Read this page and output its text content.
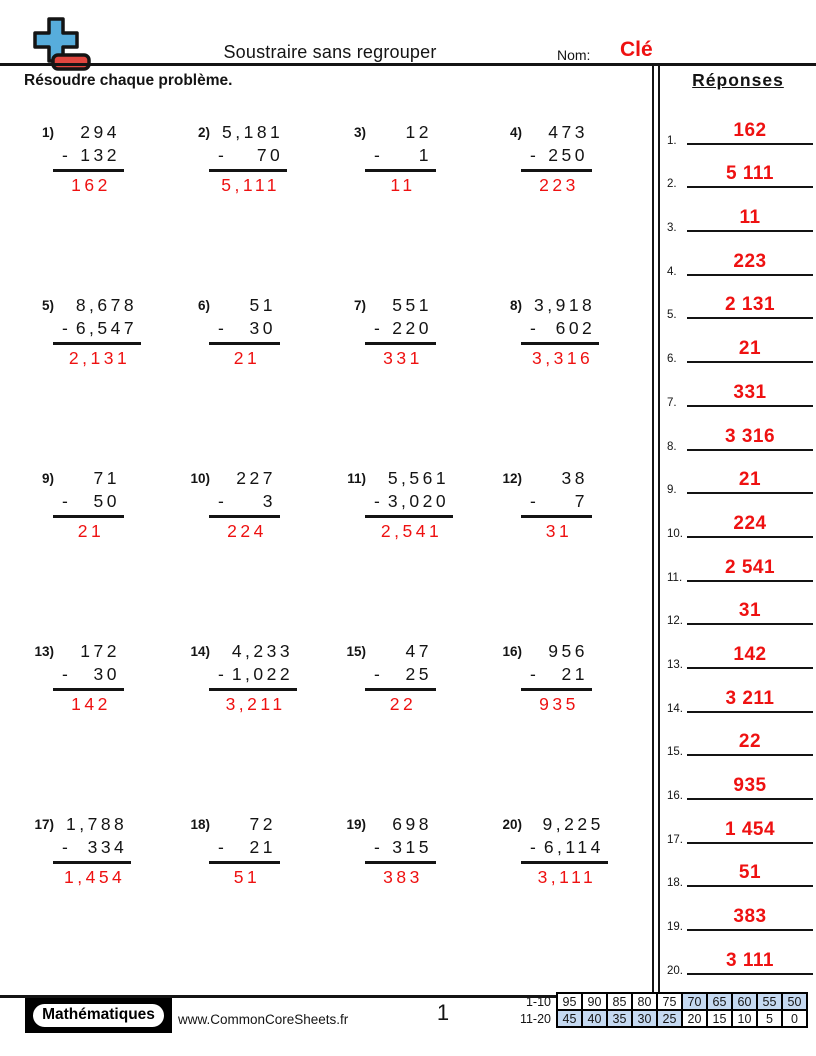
Soustraire sans regrouper	Nom: Clé
Résoudre chaque problème.
1)	294
- 132
162
2) 5,181
- 70
5,111
3)	12
- 1
11
4)	473
- 250
223
5)	8,678
- 6,547
2,131
6)	51
- 30
21
7)	551
- 220
331
8) 3,918
- 602
3,316
9)	71
- 50
21
10)	227
- 3
224
11)	5,561
- 3,020
2,541
12)	38
- 7
31
13)	172
- 30
142
14)	4,233
- 1,022
3,211
15)	47
- 25
22
16)	956
- 21
935
17) 1,788
- 334
1,454
18)	72
- 21
51
19)	698
- 315
383
20)	9,225
- 6,114
3,111
Réponses
1.	162
2.	5 111
3.	11
4.	223
5.	2 131
6.	21
7.	331
8.	3 316
9.	21
10.	224
11.	2 541
12.	31
13.	142
14.	3 211
15.	22
16.	935
17.	1 454
18.	51
19.	383
20.	3 111
Mathématiques	www.CommonCoreSheets.fr	1	1-10	95	90	85	80	75	70	65	60	55	50
11-20	45	40	35	30	25	20	15	10	5	0
